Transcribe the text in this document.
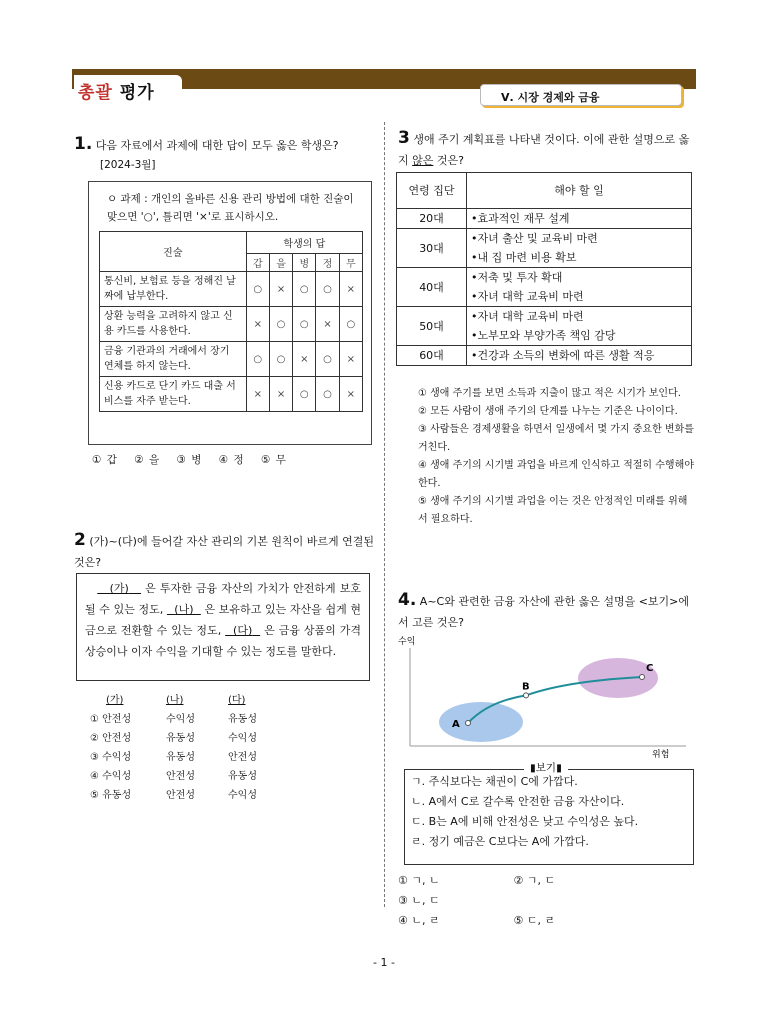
총괄 평가	Ⅴ. 시장 경제와 금융
1. 다음 자료에서 과제에 대한 답이 모두 옳은 학생은?
[2024-3월]
ㅇ 과제 : 개인의 올바른 신용 관리 방법에 대한 진술이 맞으면 '○', 틀리면 '×'로 표시하시오.
진술	학생의 답				
	갑	을	병	정	무
통신비, 보험료 등을 정해진 날짜에 납부한다.	○	×	○	○	×
상환 능력을 고려하지 않고 신용 카드를 사용한다.	×	○	○	×	○
금융 기관과의 거래에서 장기 연체를 하지 않는다.	○	○	×	○	×
신용 카드로 단기 카드 대출 서비스를 자주 받는다.	×	×	○	○	×
① 갑 ② 을 ③ 병 ④ 정 ⑤ 무
2 (가)~(다)에 들어갈 자산 관리의 기본 원칙이 바르게 연결된 것은?
(가) 은 투자한 금융 자산의 가치가 안전하게 보호될 수 있는 정도, (나) 은 보유하고 있는 자산을 쉽게 현금으로 전환할 수 있는 정도, (다) 은 금융 상품의 가격 상승이나 이자 수익을 기대할 수 있는 정도를 말한다.
(가)	(나)	(다)
① 안전성	수익성	유동성
② 안전성	유동성	수익성
③ 수익성	유동성	안전성
④ 수익성	안전성	유동성
⑤ 유동성	안전성	수익성
3 생애 주기 계획표를 나타낸 것이다. 이에 관한 설명으로 옳지 않은 것은?
연령 집단	해야 할 일
20대	•효과적인 재무 설계

30대	•자녀 출산 및 교육비 마련
•내 집 마련 비용 확보

40대	•저축 및 투자 확대
•자녀 대학 교육비 마련

50대	•자녀 대학 교육비 마련
•노부모와 부양가족 책임 감당

60대	•건강과 소득의 변화에 따른 생활 적응
① 생애 주기를 보면 소득과 지출이 많고 적은 시기가 보인다.
② 모든 사람이 생애 주기의 단계를 나누는 기준은 나이이다.
③ 사람들은 경제생활을 하면서 일생에서 몇 가지 중요한 변화를 거친다.
④ 생애 주기의 시기별 과업을 바르게 인식하고 적절히 수행해야 한다.
⑤ 생애 주기의 시기별 과업을 이는 것은 안정적인 미래를 위해서 필요하다.
4. A~C와 관련한 금융 자산에 관한 옳은 설명을 <보기>에서 고른 것은?
수익
위험
A
B
C
ㄱ. 주식보다는 채권이 C에 가깝다.
ㄴ. A에서 C로 갈수록 안전한 금융 자산이다.
ㄷ. B는 A에 비해 안전성은 낮고 수익성은 높다.
ㄹ. 정기 예금은 C보다는 A에 가깝다.
▮보기▮
① ㄱ, ㄴ	② ㄱ, ㄷ ③ ㄴ, ㄷ
④ ㄴ, ㄹ	⑤ ㄷ, ㄹ
- 1 -
